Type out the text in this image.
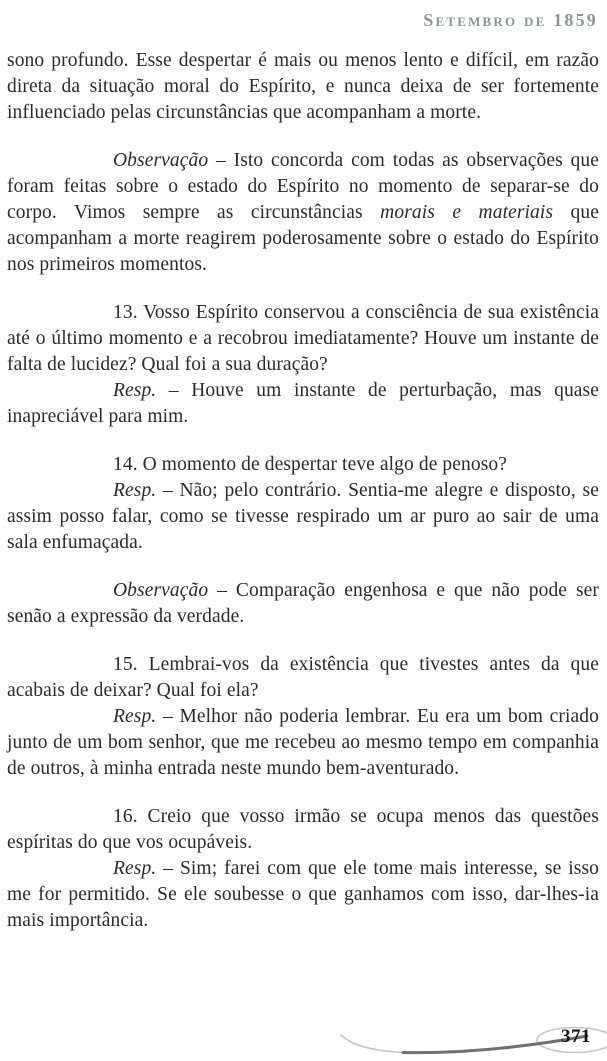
Setembro de 1859

sono profundo. Esse despertar é mais ou menos lento e difícil, em razão direta da situação moral do Espírito, e nunca deixa de ser fortemente influenciado pelas circunstâncias que acompanham a morte.

Observação – Isto concorda com todas as observações que foram feitas sobre o estado do Espírito no momento de separar-se do corpo. Vimos sempre as circunstâncias morais e materiais que acompanham a morte reagirem poderosamente sobre o estado do Espírito nos primeiros momentos.

13. Vosso Espírito conservou a consciência de sua existência até o último momento e a recobrou imediatamente? Houve um instante de falta de lucidez? Qual foi a sua duração?

Resp. – Houve um instante de perturbação, mas quase inapreciável para mim.

14. O momento de despertar teve algo de penoso?

Resp. – Não; pelo contrário. Sentia-me alegre e disposto, se assim posso falar, como se tivesse respirado um ar puro ao sair de uma sala enfumaçada.

Observação – Comparação engenhosa e que não pode ser senão a expressão da verdade.

15. Lembrai-vos da existência que tivestes antes da que acabais de deixar? Qual foi ela?

Resp. – Melhor não poderia lembrar. Eu era um bom criado junto de um bom senhor, que me recebeu ao mesmo tempo em companhia de outros, à minha entrada neste mundo bem-aventurado.

16. Creio que vosso irmão se ocupa menos das questões espíritas do que vos ocupáveis.

Resp. – Sim; farei com que ele tome mais interesse, se isso me for permitido. Se ele soubesse o que ganhamos com isso, dar-lhes-ia mais importância.

371
